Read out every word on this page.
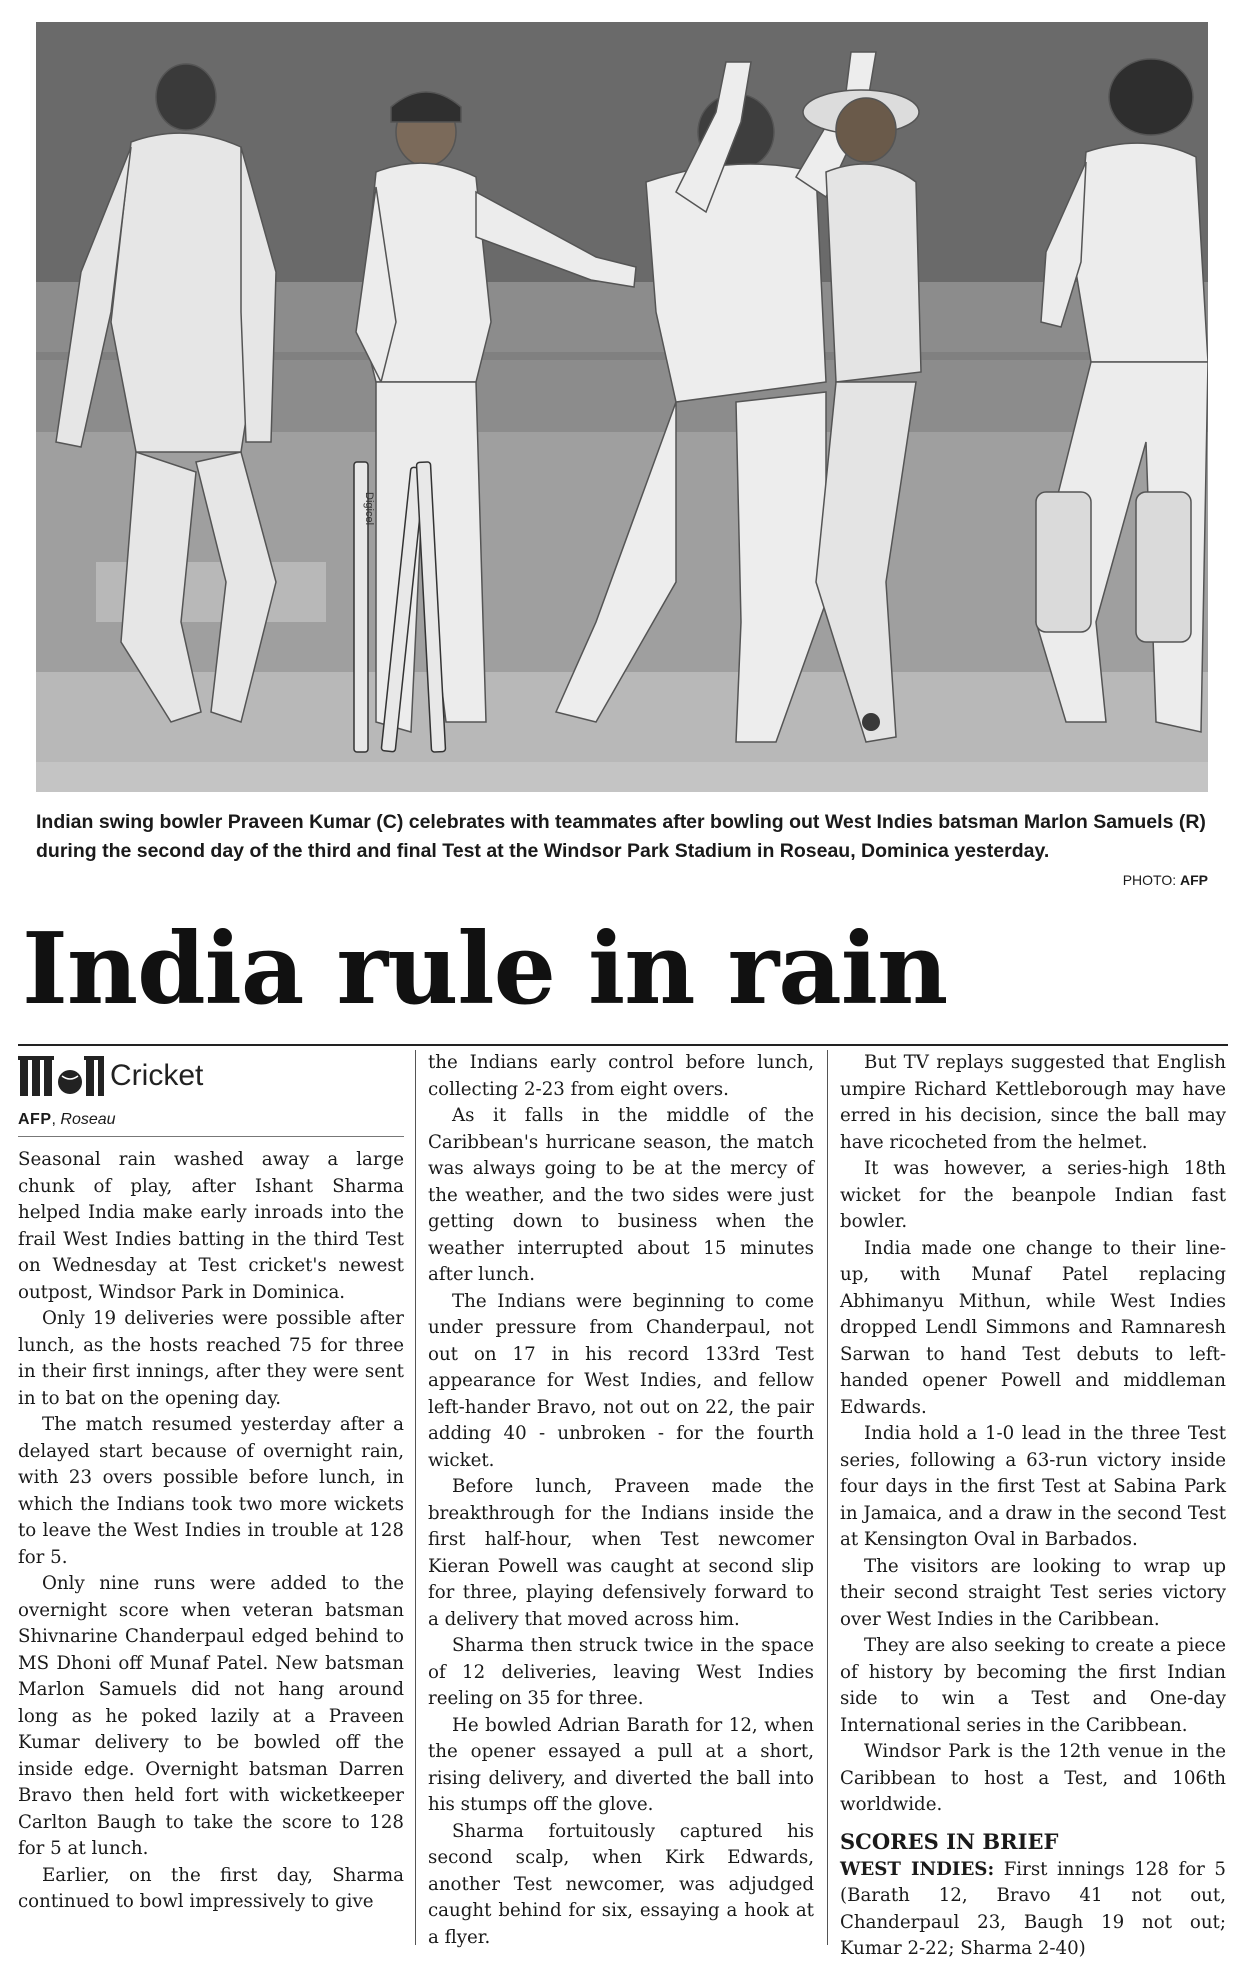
Digicel
Indian swing bowler Praveen Kumar (C) celebrates with teammates after bowling out West Indies batsman Marlon Samuels (R) during the second day of the third and final Test at the Windsor Park Stadium in Roseau, Dominica yesterday.
PHOTO: AFP
India rule in rain
Cricket
AFP, Roseau

Seasonal rain washed away a large chunk of play, after Ishant Sharma helped India make early inroads into the frail West Indies batting in the third Test on Wednesday at Test cricket's newest outpost, Windsor Park in Dominica.

Only 19 deliveries were possible after lunch, as the hosts reached 75 for three in their first innings, after they were sent in to bat on the opening day.

The match resumed yesterday after a delayed start because of overnight rain, with 23 overs possible before lunch, in which the Indians took two more wickets to leave the West Indies in trouble at 128 for 5.

Only nine runs were added to the overnight score when veteran batsman Shivnarine Chanderpaul edged behind to MS Dhoni off Munaf Patel. New batsman Marlon Samuels did not hang around long as he poked lazily at a Praveen Kumar delivery to be bowled off the inside edge. Overnight batsman Darren Bravo then held fort with wicketkeeper Carlton Baugh to take the score to 128 for 5 at lunch.

Earlier, on the first day, Sharma continued to bowl impressively to give

the Indians early control before lunch, collecting 2-23 from eight overs.

As it falls in the middle of the Caribbean's hurricane season, the match was always going to be at the mercy of the weather, and the two sides were just getting down to business when the weather interrupted about 15 minutes after lunch.

The Indians were beginning to come under pressure from Chanderpaul, not out on 17 in his record 133rd Test appearance for West Indies, and fellow left-hander Bravo, not out on 22, the pair adding 40 - unbroken - for the fourth wicket.

Before lunch, Praveen made the breakthrough for the Indians inside the first half-hour, when Test newcomer Kieran Powell was caught at second slip for three, playing defensively forward to a delivery that moved across him.

Sharma then struck twice in the space of 12 deliveries, leaving West Indies reeling on 35 for three.

He bowled Adrian Barath for 12, when the opener essayed a pull at a short, rising delivery, and diverted the ball into his stumps off the glove.

Sharma fortuitously captured his second scalp, when Kirk Edwards, another Test newcomer, was adjudged caught behind for six, essaying a hook at a flyer.

But TV replays suggested that English umpire Richard Kettleborough may have erred in his decision, since the ball may have ricocheted from the helmet.

It was however, a series-high 18th wicket for the beanpole Indian fast bowler.

India made one change to their line-up, with Munaf Patel replacing Abhimanyu Mithun, while West Indies dropped Lendl Simmons and Ramnaresh Sarwan to hand Test debuts to left-handed opener Powell and middleman Edwards.

India hold a 1-0 lead in the three Test series, following a 63-run victory inside four days in the first Test at Sabina Park in Jamaica, and a draw in the second Test at Kensington Oval in Barbados.

The visitors are looking to wrap up their second straight Test series victory over West Indies in the Caribbean.

They are also seeking to create a piece of history by becoming the first Indian side to win a Test and One-day International series in the Caribbean.

Windsor Park is the 12th venue in the Caribbean to host a Test, and 106th worldwide.

SCORES IN BRIEF

WEST INDIES: First innings 128 for 5 (Barath 12, Bravo 41 not out, Chanderpaul 23, Baugh 19 not out; Kumar 2-22; Sharma 2-40)
